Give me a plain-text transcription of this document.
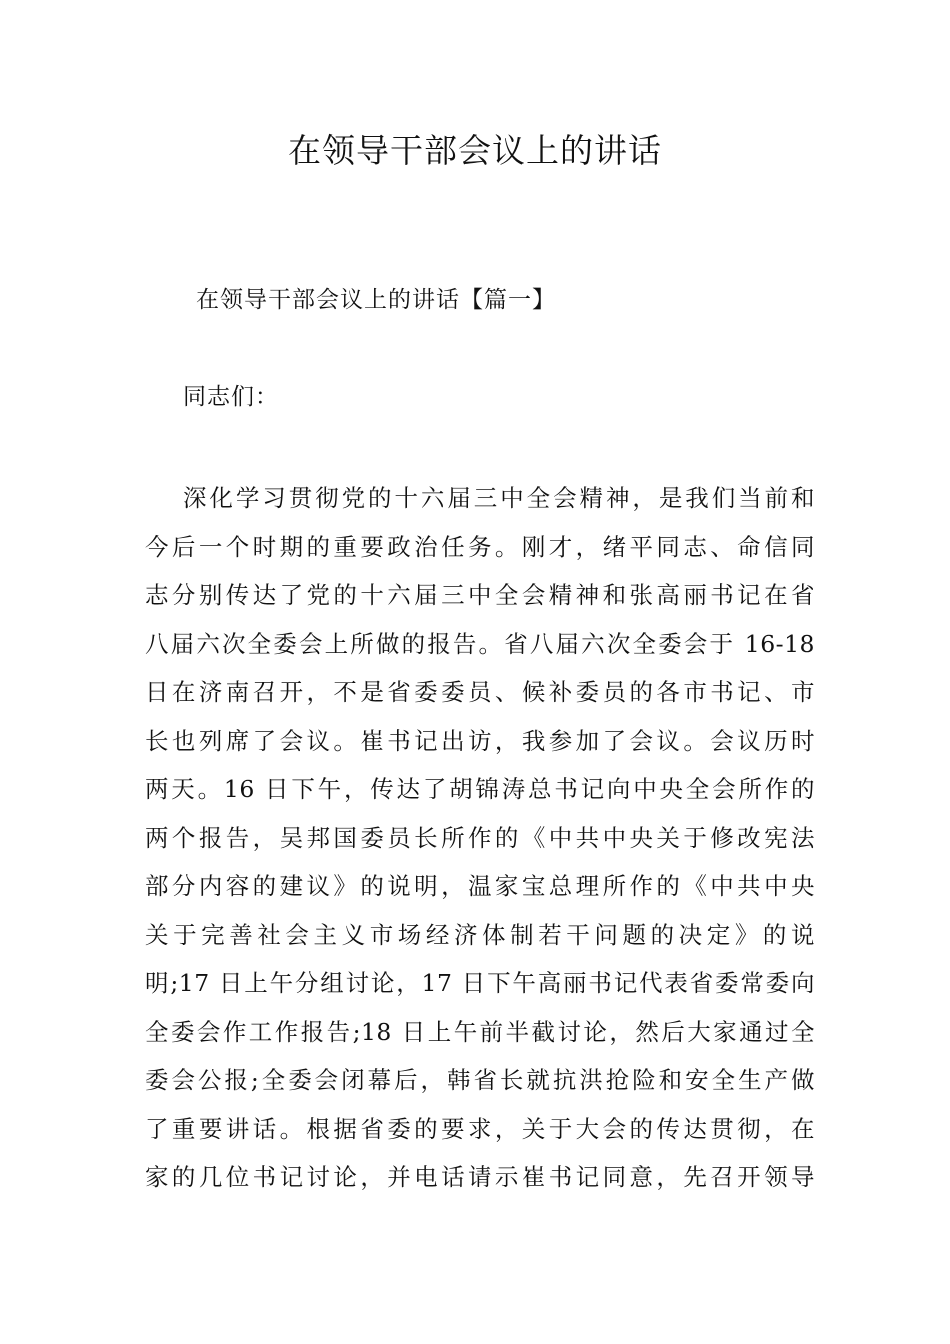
在领导干部会议上的讲话

在领导干部会议上的讲话【篇一】

同志们：

深化学习贯彻党的十六届三中全会精神，是我们当前和
今后一个时期的重要政治任务。刚才，绪平同志、命信同
志分别传达了党的十六届三中全会精神和张高丽书记在省
八届六次全委会上所做的报告。省八届六次全委会于 16-18
日在济南召开，不是省委委员、候补委员的各市书记、市
长也列席了会议。崔书记出访，我参加了会议。会议历时
两天。16 日下午，传达了胡锦涛总书记向中央全会所作的
两个报告，吴邦国委员长所作的《中共中央关于修改宪法
部分内容的建议》的说明，温家宝总理所作的《中共中央
关于完善社会主义市场经济体制若干问题的决定》的说
明;17 日上午分组讨论，17 日下午高丽书记代表省委常委向
全委会作工作报告;18 日上午前半截讨论，然后大家通过全
委会公报;全委会闭幕后，韩省长就抗洪抢险和安全生产做
了重要讲话。根据省委的要求，关于大会的传达贯彻，在
家的几位书记讨论，并电话请示崔书记同意，先召开领导
